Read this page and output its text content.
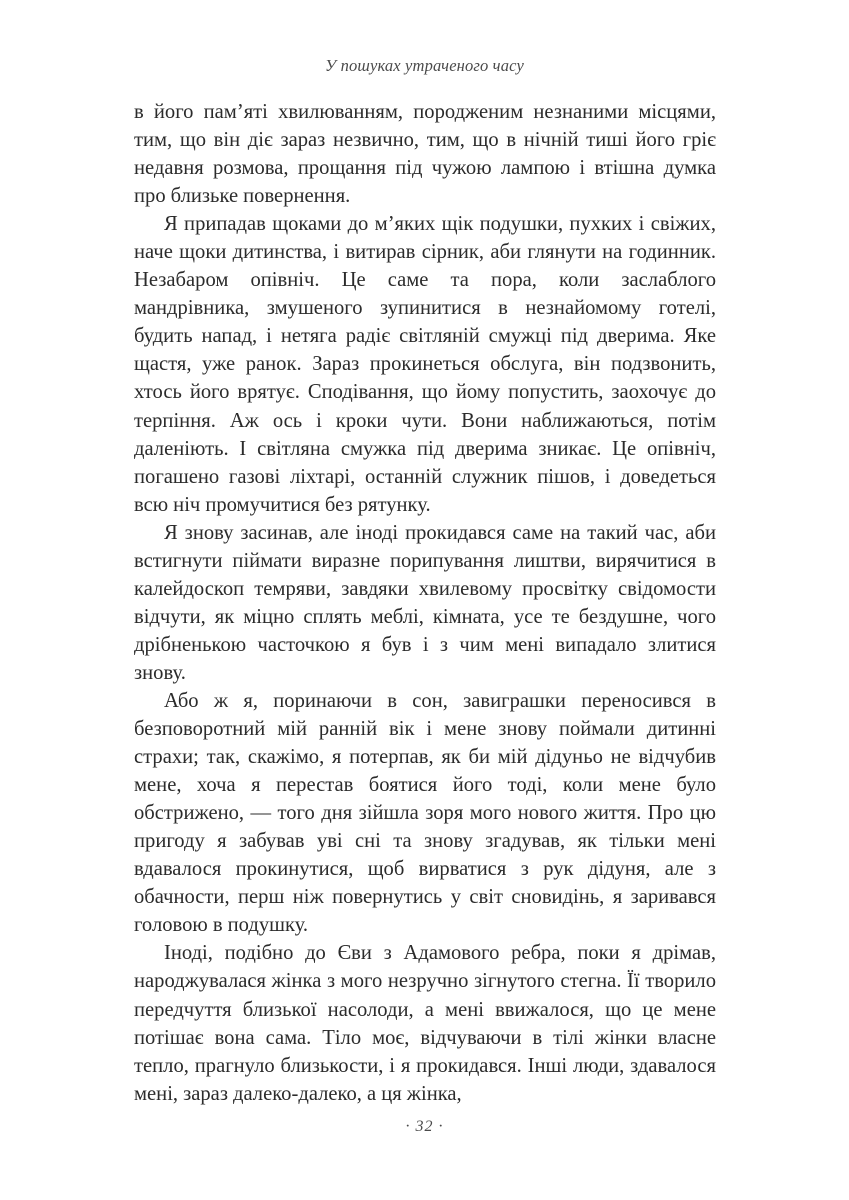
У пошуках утраченого часу

в його пам’яті хвилюванням, породженим незнаними місцями, тим, що він діє зараз незвично, тим, що в нічній тиші його гріє недавня розмова, прощання під чужою лампою і втішна думка про близьке повернення.

Я припадав щоками до м’яких щік подушки, пухких і свіжих, наче щоки дитинства, і витирав сірник, аби глянути на годинник. Незабаром опівніч. Це саме та пора, коли заслаблого мандрівника, змушеного зупинитися в незнайомому готелі, будить напад, і нетяга радіє світляній смужці під дверима. Яке щастя, уже ранок. Зараз прокинеться обслуга, він подзвонить, хтось його врятує. Сподівання, що йому попустить, заохочує до терпіння. Аж ось і кроки чути. Вони наближаються, потім даленіють. І світляна смужка під дверима зникає. Це опівніч, погашено газові ліхтарі, останній служник пішов, і доведеться всю ніч промучитися без рятунку.

Я знову засинав, але іноді прокидався саме на такий час, аби встигнути піймати виразне порипування лиштви, вирячитися в калейдоскоп темряви, завдяки хвилевому просвітку свідомости відчути, як міцно сплять меблі, кімната, усе те бездушне, чого дрібненькою часточкою я був і з чим мені випадало злитися знову.

Або ж я, поринаючи в сон, завиграшки переносився в безповоротний мій ранній вік і мене знову поймали дитинні страхи; так, скажімо, я потерпав, як би мій дідуньо не відчубив мене, хоча я перестав боятися його тоді, коли мене було обстрижено, — того дня зійшла зоря мого нового життя. Про цю пригоду я забував уві сні та знову згадував, як тільки мені вдавалося прокинутися, щоб вирватися з рук дідуня, але з обачности, перш ніж повернутись у світ сновидінь, я заривався головою в подушку.

Іноді, подібно до Єви з Адамового ребра, поки я дрімав, народжувалася жінка з мого незручно зігнутого стегна. Її творило передчуття близької насолоди, а мені ввижалося, що це мене потішає вона сама. Тіло моє, відчуваючи в тілі жінки власне тепло, прагнуло близькости, і я прокидався. Інші люди, здавалося мені, зараз далеко-далеко, а ця жінка,

· 32 ·
